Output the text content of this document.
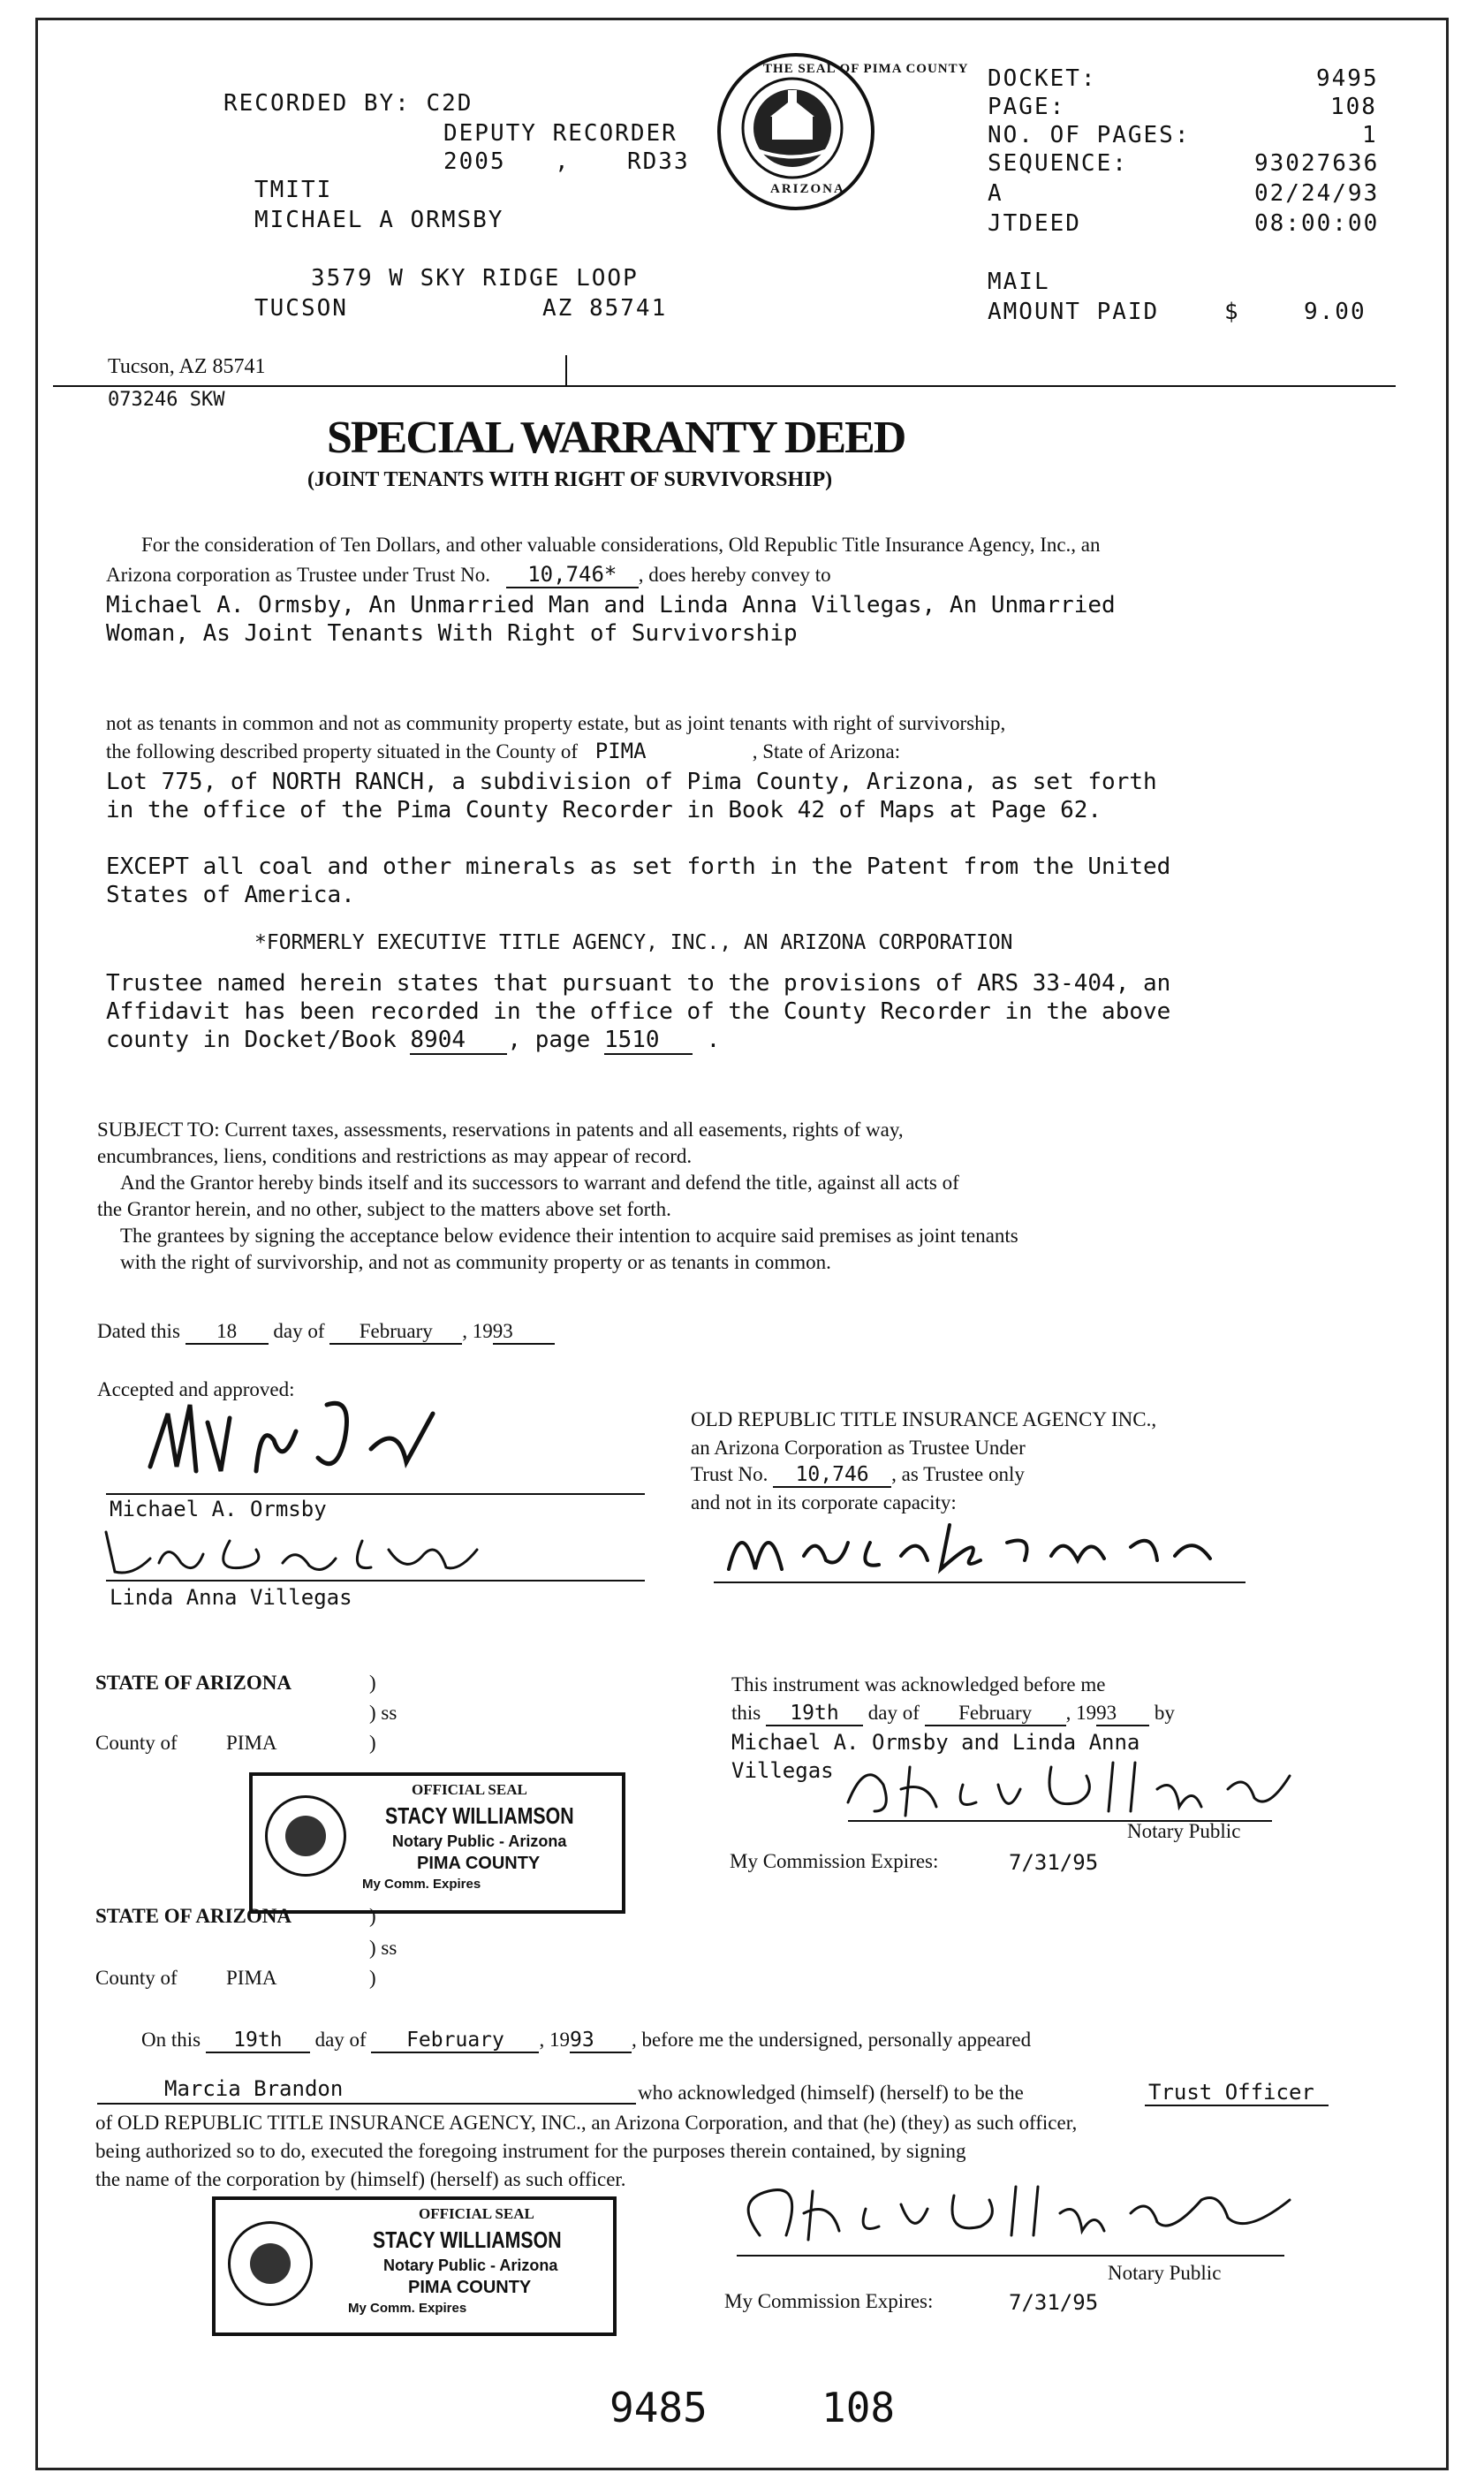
RECORDED BY: C2D
DEPUTY RECORDER
2005 , RD33
TMITI
MICHAEL A ORMSBY
3579 W SKY RIDGE LOOP
TUCSON	AZ 85741
THE SEAL OF PIMA COUNTY
ARIZONA
DOCKET:	9495
PAGE:	108
NO. OF PAGES:	1
SEQUENCE:	93027636
A	02/24/93
JTDEED	08:00:00
MAIL
AMOUNT PAID	$	9.00
Tucson, AZ 85741
073246 SKW
SPECIAL WARRANTY DEED
(JOINT TENANTS WITH RIGHT OF SURVIVORSHIP)
For the consideration of Ten Dollars, and other valuable considerations, Old Republic Title Insurance Agency, Inc., an
Arizona corporation as Trustee under Trust No. 10,746* , does hereby convey to
Michael A. Ormsby, An Unmarried Man and Linda Anna Villegas, An Unmarried
Woman, As Joint Tenants With Right of Survivorship
not as tenants in common and not as community property estate, but as joint tenants with right of survivorship,
the following described property situated in the County of PIMA	, State of Arizona:
Lot 775, of NORTH RANCH, a subdivision of Pima County, Arizona, as set forth
in the office of the Pima County Recorder in Book 42 of Maps at Page 62.
EXCEPT all coal and other minerals as set forth in the Patent from the United
States of America.
*FORMERLY EXECUTIVE TITLE AGENCY, INC., AN ARIZONA CORPORATION
Trustee named herein states that pursuant to the provisions of ARS 33-404, an
Affidavit has been recorded in the office of the County Recorder in the above
county in Docket/Book 8904 , page 1510 .
SUBJECT TO: Current taxes, assessments, reservations in patents and all easements, rights of way,
encumbrances, liens, conditions and restrictions as may appear of record.
And the Grantor hereby binds itself and its successors to warrant and defend the title, against all acts of
the Grantor herein, and no other, subject to the matters above set forth.
The grantees by signing the acceptance below evidence their intention to acquire said premises as joint tenants
with the right of survivorship, and not as community property or as tenants in common.
Dated this 18 day of February , 1993
Accepted and approved:
Michael A. Ormsby
Linda Anna Villegas
OLD REPUBLIC TITLE INSURANCE AGENCY INC.,
an Arizona Corporation as Trustee Under
Trust No. 10,746 , as Trustee only
and not in its corporate capacity:
STATE OF ARIZONA	)
) ss
County of PIMA	)
This instrument was acknowledged before me
this 19th day of February , 1993 by
Michael A. Ormsby and Linda Anna
Villegas
Notary Public
My Commission Expires:	7/31/95
OFFICIAL SEAL
STACY WILLIAMSON
Notary Public - Arizona
PIMA COUNTY
My Comm. Expires
STATE OF ARIZONA	)
) ss
County of PIMA	)
On this 19th day of February , 1993 , before me the undersigned, personally appeared
Marcia Brandon	who acknowledged (himself) (herself) to be the	Trust Officer
of OLD REPUBLIC TITLE INSURANCE AGENCY, INC., an Arizona Corporation, and that (he) (they) as such officer,
being authorized so to do, executed the foregoing instrument for the purposes therein contained, by signing
the name of the corporation by (himself) (herself) as such officer.
Notary Public
My Commission Expires:	7/31/95
OFFICIAL SEAL
STACY WILLIAMSON
Notary Public - Arizona
PIMA COUNTY
My Comm. Expires
9485	108
